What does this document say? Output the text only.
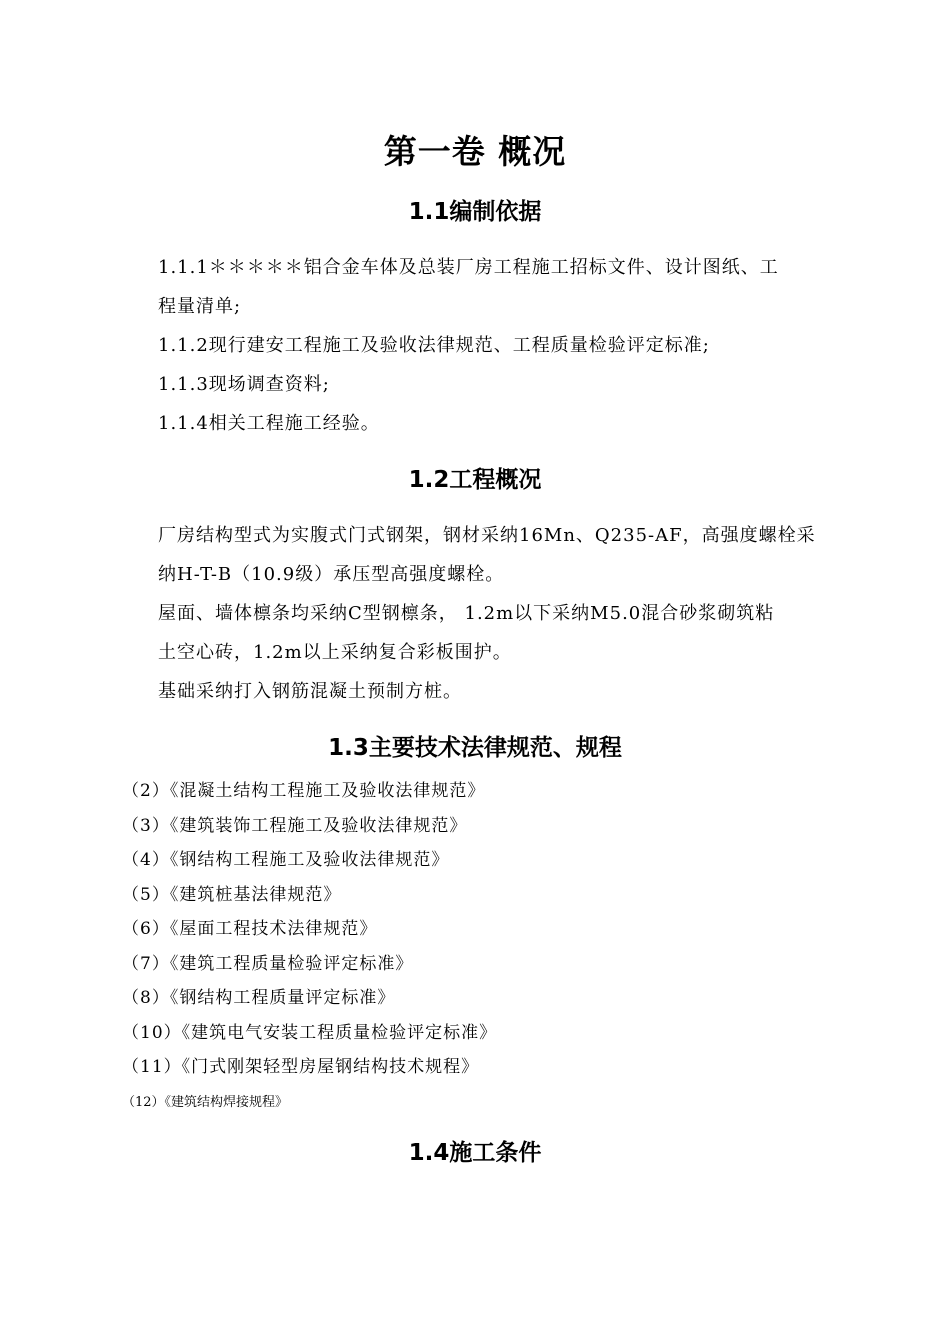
第一卷 概况
1.1编制依据
1.1.1＊＊＊＊＊铝合金车体及总装厂房工程施工招标文件、设计图纸、工
程量清单;
1.1.2现行建安工程施工及验收法律规范、工程质量检验评定标准;
1.1.3现场调查资料;
1.1.4相关工程施工经验。
1.2工程概况
厂房结构型式为实腹式门式钢架，钢材采纳16Mn、Q235-AF，高强度螺栓采
纳H-T-B（10.9级）承压型高强度螺栓。
屋面、墙体檩条均采纳C型钢檩条， 1.2m以下采纳M5.0混合砂浆砌筑粘
土空心砖，1.2m以上采纳复合彩板围护。
基础采纳打入钢筋混凝土预制方桩。
1.3主要技术法律规范、规程
（2）《混凝土结构工程施工及验收法律规范》
（3）《建筑装饰工程施工及验收法律规范》
（4）《钢结构工程施工及验收法律规范》
（5）《建筑桩基法律规范》
（6）《屋面工程技术法律规范》
（7）《建筑工程质量检验评定标准》
（8）《钢结构工程质量评定标准》
（10）《建筑电气安装工程质量检验评定标准》
（11）《门式刚架轻型房屋钢结构技术规程》
（12）《建筑结构焊接规程》
1.4施工条件
